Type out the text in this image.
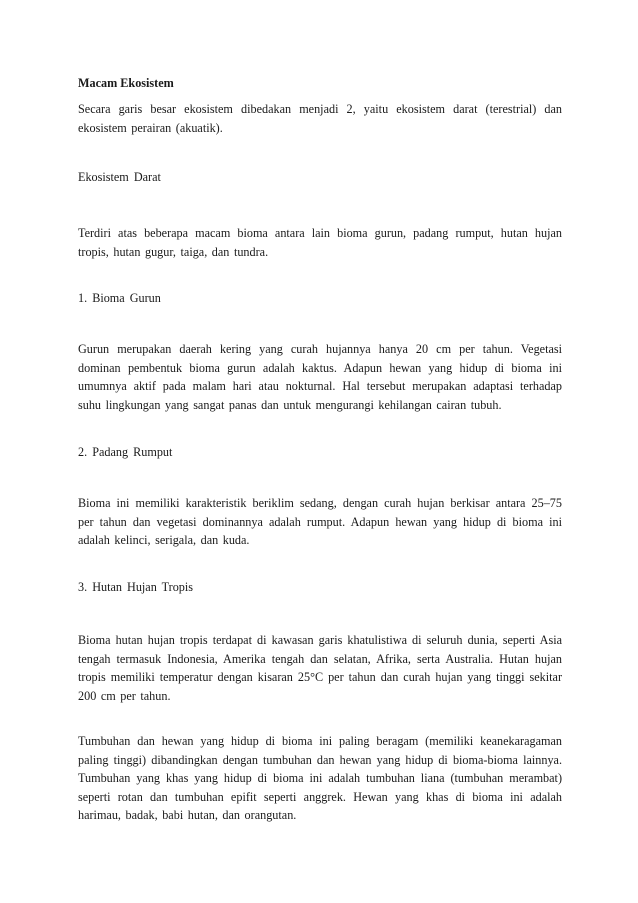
Macam Ekosistem
Secara garis besar ekosistem dibedakan menjadi 2, yaitu ekosistem darat (terestrial) dan
ekosistem perairan (akuatik).
Ekosistem Darat
Terdiri atas beberapa macam bioma antara lain bioma gurun, padang rumput, hutan hujan
tropis, hutan gugur, taiga, dan tundra.
1. Bioma Gurun
Gurun merupakan daerah kering yang curah hujannya hanya 20 cm per tahun. Vegetasi
dominan pembentuk bioma gurun adalah kaktus. Adapun hewan yang hidup di bioma ini
umumnya aktif pada malam hari atau nokturnal. Hal tersebut merupakan adaptasi terhadap
suhu lingkungan yang sangat panas dan untuk mengurangi kehilangan cairan tubuh.
2. Padang Rumput
Bioma ini memiliki karakteristik beriklim sedang, dengan curah hujan berkisar antara 25–75
per tahun dan vegetasi dominannya adalah rumput. Adapun hewan yang hidup di bioma ini
adalah kelinci, serigala, dan kuda.
3. Hutan Hujan Tropis
Bioma hutan hujan tropis terdapat di kawasan garis khatulistiwa di seluruh dunia, seperti Asia
tengah termasuk Indonesia, Amerika tengah dan selatan, Afrika, serta Australia. Hutan hujan
tropis memiliki temperatur dengan kisaran 25°C per tahun dan curah hujan yang tinggi sekitar
200 cm per tahun.
Tumbuhan dan hewan yang hidup di bioma ini paling beragam (memiliki keanekaragaman
paling tinggi) dibandingkan dengan tumbuhan dan hewan yang hidup di bioma-bioma lainnya.
Tumbuhan yang khas yang hidup di bioma ini adalah tumbuhan liana (tumbuhan merambat)
seperti rotan dan tumbuhan epifit seperti anggrek. Hewan yang khas di bioma ini adalah
harimau, badak, babi hutan, dan orangutan.
